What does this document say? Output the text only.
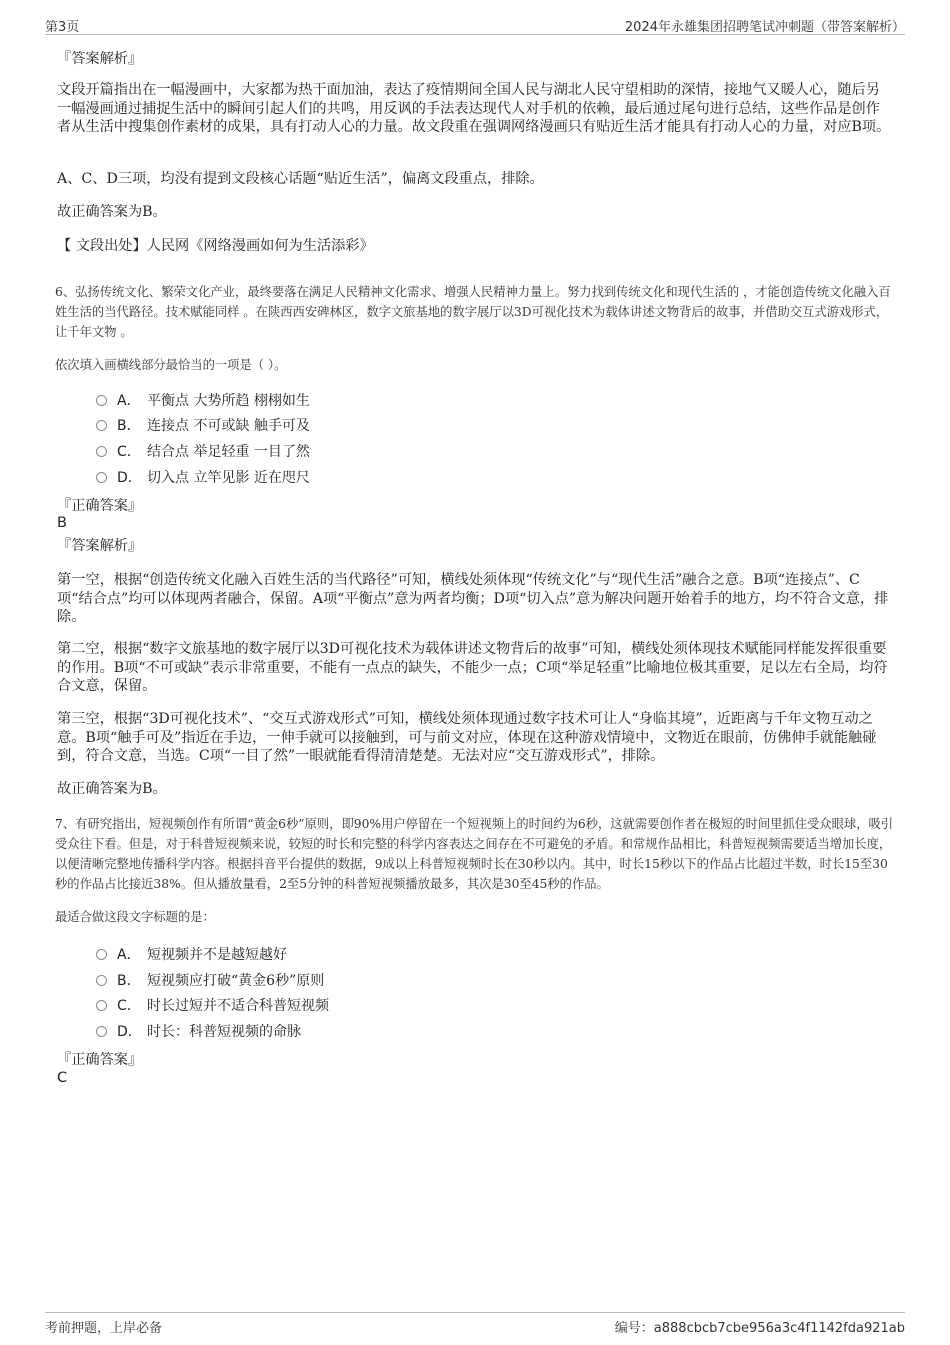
第3页	2024年永雄集团招聘笔试冲刺题（带答案解析）

『答案解析』

文段开篇指出在一幅漫画中，大家都为热干面加油，表达了疫情期间全国人民与湖北人民守望相助的深情，接地气又暖人心，随后另一幅漫画通过捕捉生活中的瞬间引起人们的共鸣，用反讽的手法表达现代人对手机的依赖，最后通过尾句进行总结，这些作品是创作者从生活中搜集创作素材的成果，具有打动人心的力量。故文段重在强调网络漫画只有贴近生活才能具有打动人心的力量，对应B项。

A、C、D三项，均没有提到文段核心话题“贴近生活”，偏离文段重点，排除。

故正确答案为B。

【 文段出处】人民网《网络漫画如何为生活添彩》

6、弘扬传统文化、繁荣文化产业，最终要落在满足人民精神文化需求、增强人民精神力量上。努力找到传统文化和现代生活的 ，才能创造传统文化融入百姓生活的当代路径。技术赋能同样 。在陕西西安碑林区，数字文旅基地的数字展厅以3D可视化技术为载体讲述文物背后的故事，并借助交互式游戏形式，让千年文物 。

依次填入画横线部分最恰当的一项是（ ）。

A． 平衡点 大势所趋 栩栩如生
B． 连接点 不可或缺 触手可及
C． 结合点 举足轻重 一目了然
D． 切入点 立竿见影 近在咫尺

『正确答案』

B

『答案解析』

第一空，根据“创造传统文化融入百姓生活的当代路径”可知，横线处须体现“传统文化”与“现代生活”融合之意。B项“连接点”、C项“结合点”均可以体现两者融合，保留。A项“平衡点”意为两者均衡；D项“切入点”意为解决问题开始着手的地方，均不符合文意，排除。

第二空，根据“数字文旅基地的数字展厅以3D可视化技术为载体讲述文物背后的故事”可知，横线处须体现技术赋能同样能发挥很重要的作用。B项“不可或缺”表示非常重要，不能有一点点的缺失，不能少一点；C项“举足轻重”比喻地位极其重要，足以左右全局，均符合文意，保留。

第三空，根据“3D可视化技术”、“交互式游戏形式”可知，横线处须体现通过数字技术可让人“身临其境”，近距离与千年文物互动之意。B项“触手可及”指近在手边，一伸手就可以接触到，可与前文对应，体现在这种游戏情境中，文物近在眼前，仿佛伸手就能触碰到，符合文意，当选。C项“一目了然”一眼就能看得清清楚楚。无法对应“交互游戏形式”，排除。

故正确答案为B。

7、有研究指出，短视频创作有所谓“黄金6秒”原则，即90%用户停留在一个短视频上的时间约为6秒，这就需要创作者在极短的时间里抓住受众眼球，吸引受众往下看。但是，对于科普短视频来说，较短的时长和完整的科学内容表达之间存在不可避免的矛盾。和常规作品相比，科普短视频需要适当增加长度，以便清晰完整地传播科学内容。根据抖音平台提供的数据，9成以上科普短视频时长在30秒以内。其中，时长15秒以下的作品占比超过半数，时长15至30秒的作品占比接近38%。但从播放量看，2至5分钟的科普短视频播放最多，其次是30至45秒的作品。

最适合做这段文字标题的是：

A． 短视频并不是越短越好
B． 短视频应打破“黄金6秒”原则
C． 时长过短并不适合科普短视频
D． 时长：科普短视频的命脉

『正确答案』

C
考前押题，上岸必备	编号：a888cbcb7cbe956a3c4f1142fda921ab
